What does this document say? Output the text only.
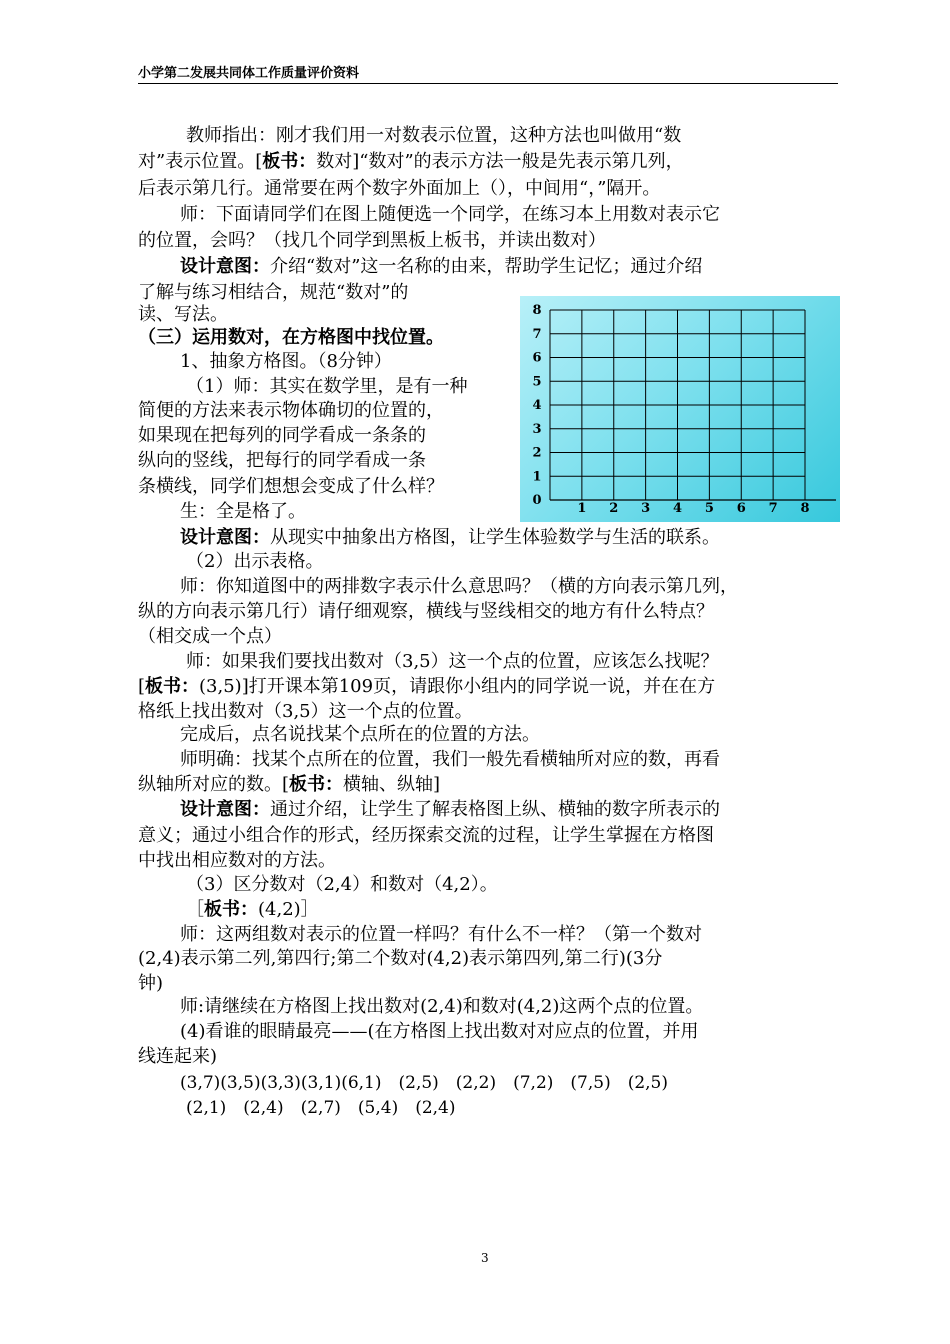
小学第二发展共同体工作质量评价资料
教师指出：刚才我们用一对数表示位置，这种方法也叫做用“数
对”表示位置。[板书：数对]“数对”的表示方法一般是先表示第几列，
后表示第几行。通常要在两个数字外面加上（），中间用“，”隔开。
师：下面请同学们在图上随便选一个同学，在练习本上用数对表示它
的位置，会吗？（找几个同学到黑板上板书，并读出数对）
设计意图：介绍“数对”这一名称的由来，帮助学生记忆；通过介绍
了解与练习相结合，规范“数对”的
读、写法。
（三）运用数对，在方格图中找位置。
1、抽象方格图。（8分钟）
（1）师：其实在数学里，是有一种
简便的方法来表示物体确切的位置的，
如果现在把每列的同学看成一条条的
纵向的竖线，把每行的同学看成一条
条横线，同学们想想会变成了什么样？
生：全是格了。
0
1 2 3 4 5 6 7 8
1
2
3
4
5
6
7
8
设计意图：从现实中抽象出方格图，让学生体验数学与生活的联系。
（2）出示表格。
师：你知道图中的两排数字表示什么意思吗？（横的方向表示第几列，
纵的方向表示第几行）请仔细观察，横线与竖线相交的地方有什么特点？
（相交成一个点）
师：如果我们要找出数对（3,5）这一个点的位置，应该怎么找呢？
[板书：(3,5)]打开课本第109页，请跟你小组内的同学说一说，并在在方
格纸上找出数对（3,5）这一个点的位置。
完成后，点名说找某个点所在的位置的方法。
师明确：找某个点所在的位置，我们一般先看横轴所对应的数，再看
纵轴所对应的数。[板书：横轴、纵轴]
设计意图：通过介绍，让学生了解表格图上纵、横轴的数字所表示的
意义；通过小组合作的形式，经历探索交流的过程，让学生掌握在方格图
中找出相应数对的方法。
（3）区分数对（2,4）和数对（4,2）。
［板书：(4,2)］
师：这两组数对表示的位置一样吗？有什么不一样？（第一个数对
(2,4)表示第二列,第四行;第二个数对(4,2)表示第四列,第二行)(3分
钟)
师:请继续在方格图上找出数对(2,4)和数对(4,2)这两个点的位置。
(4)看谁的眼睛最亮——(在方格图上找出数对对应点的位置，并用
线连起来)
(3,7)(3,5)(3,3)(3,1)(6,1)　(2,5)　(2,2)　(7,2)　(7,5)　(2,5)
(2,1)　(2,4)　(2,7)　(5,4)　(2,4)
3
